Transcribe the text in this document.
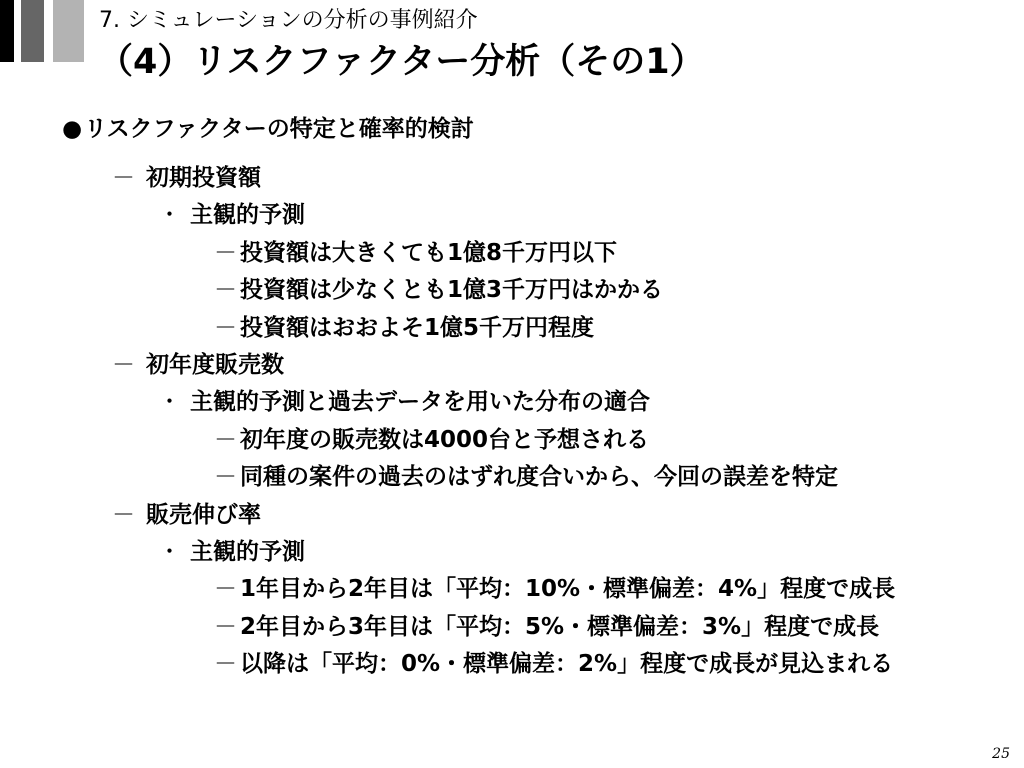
7. シミュレーションの分析の事例紹介
（4）リスクファクター分析（その1）
●リスクファクターの特定と確率的検討
－ 初期投資額
・ 主観的予測
－ 投資額は大きくても1億8千万円以下
－ 投資額は少なくとも1億3千万円はかかる
－ 投資額はおおよそ1億5千万円程度
－ 初年度販売数
・ 主観的予測と過去データを用いた分布の適合
－ 初年度の販売数は4000台と予想される
－ 同種の案件の過去のはずれ度合いから、今回の誤差を特定
－ 販売伸び率
・ 主観的予測
－ 1年目から2年目は「平均：10%・標準偏差：4%」程度で成長
－ 2年目から3年目は「平均：5%・標準偏差：3%」程度で成長
－ 以降は「平均：0%・標準偏差：2%」程度で成長が見込まれる
25
